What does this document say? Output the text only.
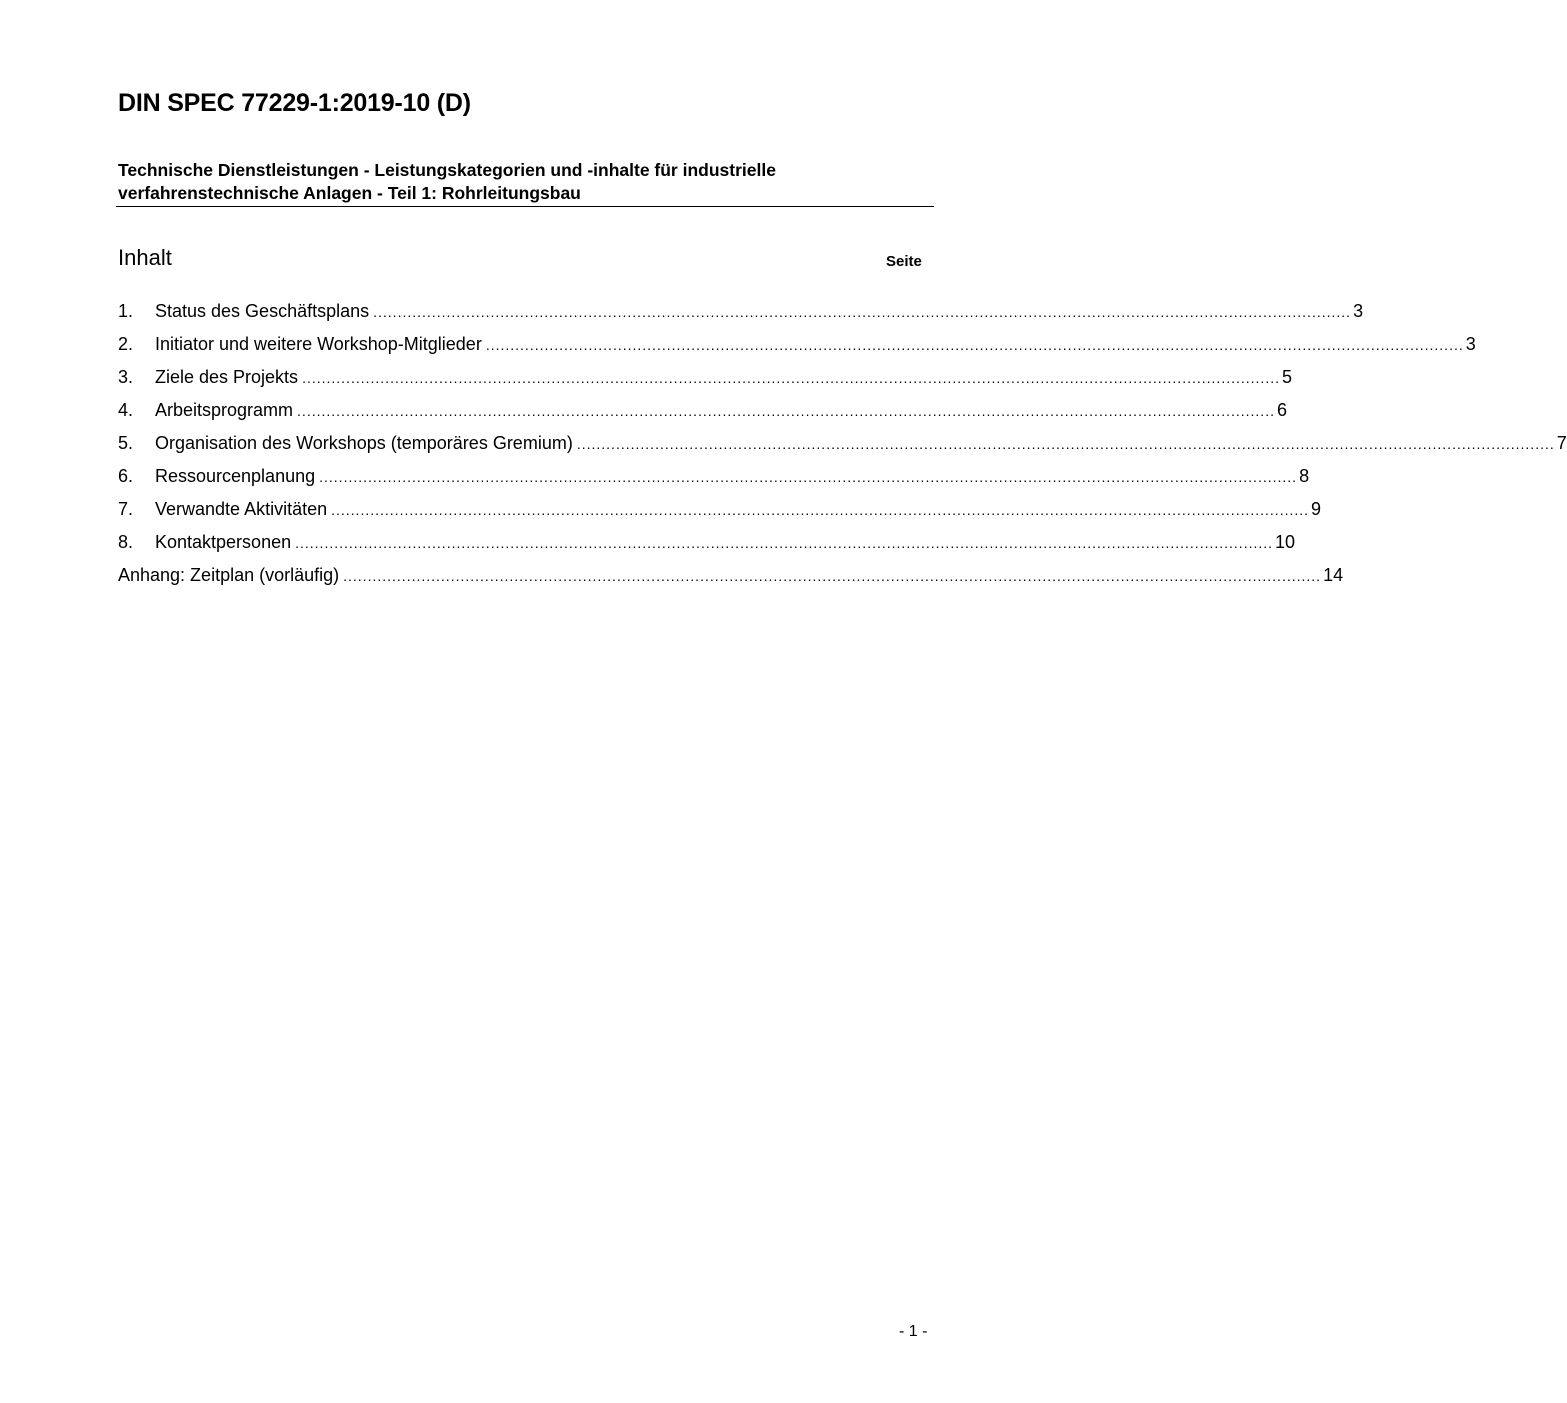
DIN SPEC 77229-1:2019-10 (D)
Technische Dienstleistungen - Leistungskategorien und -inhalte für industrielle
verfahrenstechnische Anlagen - Teil 1: Rohrleitungsbau
Inhalt	Seite
1.	Status des Geschäftsplans ........................................................................................................................................................................................................ 3
2.	Initiator und weitere Workshop-Mitglieder ........................................................................................................................................................................................................ 3
3.	Ziele des Projekts ........................................................................................................................................................................................................ 5
4.	Arbeitsprogramm ........................................................................................................................................................................................................ 6
5.	Organisation des Workshops (temporäres Gremium) ........................................................................................................................................................................................................ 7
6.	Ressourcenplanung ........................................................................................................................................................................................................ 8
7.	Verwandte Aktivitäten ........................................................................................................................................................................................................ 9
8.	Kontaktpersonen ........................................................................................................................................................................................................ 10
Anhang: Zeitplan (vorläufig) ........................................................................................................................................................................................................ 14
- 1 -
